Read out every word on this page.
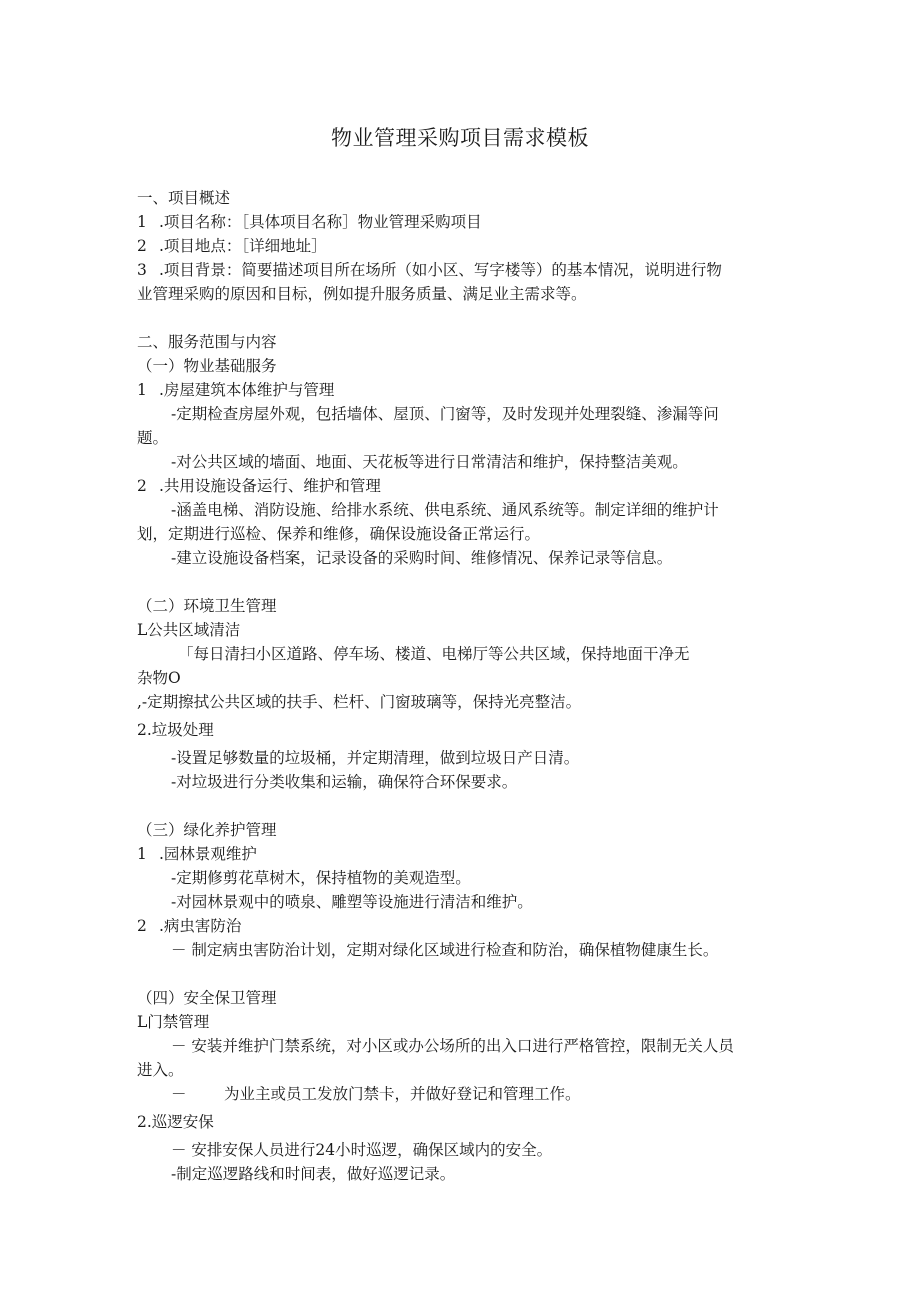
物业管理采购项目需求模板

一、项目概述

1 .项目名称：［具体项目名称］物业管理采购项目

2 .项目地点：［详细地址］

3 .项目背景：简要描述项目所在场所（如小区、写字楼等）的基本情况，说明进行物

业管理采购的原因和目标，例如提升服务质量、满足业主需求等。

二、服务范围与内容

（一）物业基础服务

1 .房屋建筑本体维护与管理

-定期检查房屋外观，包括墙体、屋顶、门窗等，及时发现并处理裂缝、渗漏等问

题。

-对公共区域的墙面、地面、天花板等进行日常清洁和维护，保持整洁美观。

2 .共用设施设备运行、维护和管理

-涵盖电梯、消防设施、给排水系统、供电系统、通风系统等。制定详细的维护计

划，定期进行巡检、保养和维修，确保设施设备正常运行。

-建立设施设备档案，记录设备的采购时间、维修情况、保养记录等信息。

（二）环境卫生管理

L公共区域清洁

「每日清扫小区道路、停车场、楼道、电梯厅等公共区域，保持地面干净无

杂物O

,-定期擦拭公共区域的扶手、栏杆、门窗玻璃等，保持光亮整洁。

2.垃圾处理

-设置足够数量的垃圾桶，并定期清理，做到垃圾日产日清。

-对垃圾进行分类收集和运输，确保符合环保要求。

（三）绿化养护管理

1 .园林景观维护

-定期修剪花草树木，保持植物的美观造型。

-对园林景观中的喷泉、雕塑等设施进行清洁和维护。

2 .病虫害防治

－ 制定病虫害防治计划，定期对绿化区域进行检查和防治，确保植物健康生长。

（四）安全保卫管理

L门禁管理

－ 安装并维护门禁系统，对小区或办公场所的出入口进行严格管控，限制无关人员

进入。

－ 为业主或员工发放门禁卡，并做好登记和管理工作。

2.巡逻安保

－ 安排安保人员进行24小时巡逻，确保区域内的安全。

-制定巡逻路线和时间表，做好巡逻记录。
